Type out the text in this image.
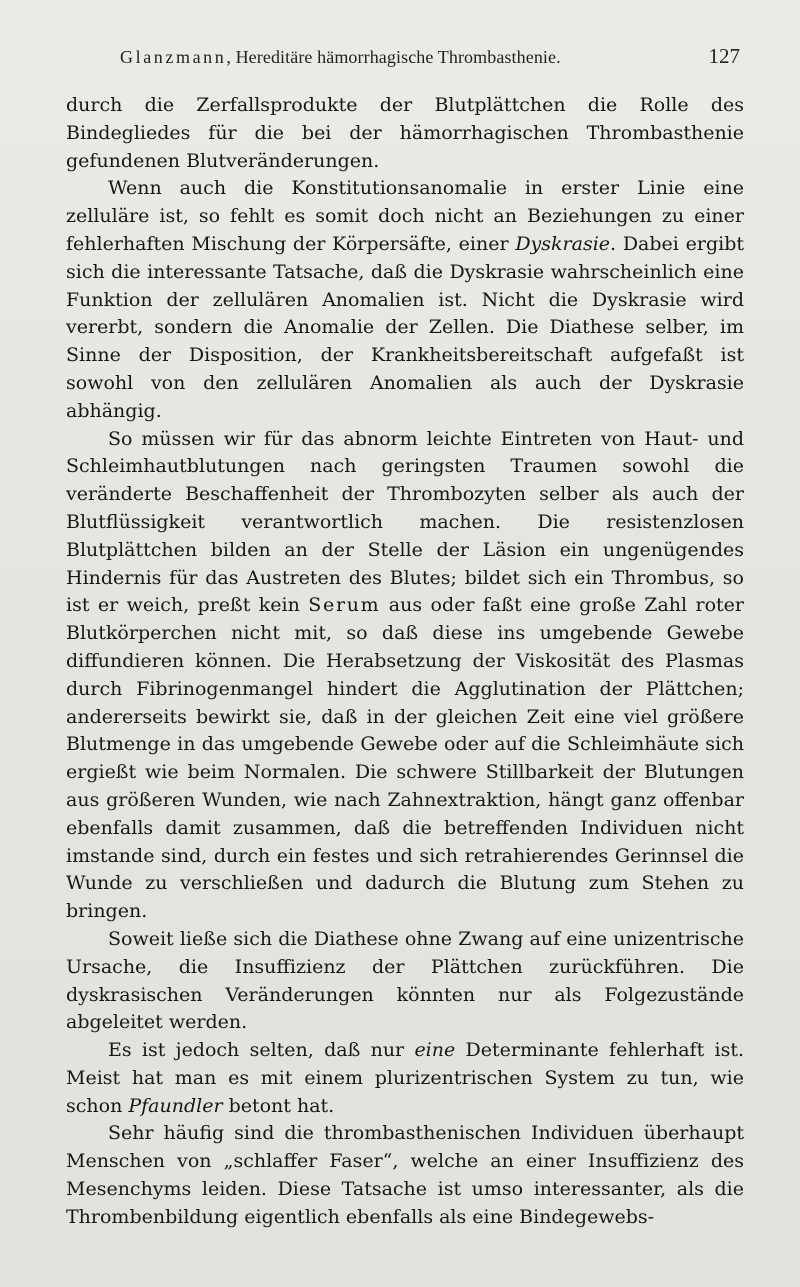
Glanzmann, Hereditäre hämorrhagische Thrombasthenie.	127

durch die Zerfallsprodukte der Blutplättchen die Rolle des Bindegliedes für die bei der hämorrhagischen Thrombasthenie gefundenen Blutveränderungen.

Wenn auch die Konstitutionsanomalie in erster Linie eine zelluläre ist, so fehlt es somit doch nicht an Beziehungen zu einer fehlerhaften Mischung der Körpersäfte, einer Dyskrasie. Dabei ergibt sich die interessante Tatsache, daß die Dyskrasie wahrscheinlich eine Funktion der zellulären Anomalien ist. Nicht die Dyskrasie wird vererbt, sondern die Anomalie der Zellen. Die Diathese selber, im Sinne der Disposition, der Krankheitsbereitschaft aufgefaßt ist sowohl von den zellulären Anomalien als auch der Dyskrasie abhängig.

So müssen wir für das abnorm leichte Eintreten von Haut- und Schleimhautblutungen nach geringsten Traumen sowohl die veränderte Beschaffenheit der Thrombozyten selber als auch der Blutflüssigkeit verantwortlich machen. Die resistenzlosen Blutplättchen bilden an der Stelle der Läsion ein ungenügendes Hindernis für das Austreten des Blutes; bildet sich ein Thrombus, so ist er weich, preßt kein Serum aus oder faßt eine große Zahl roter Blutkörperchen nicht mit, so daß diese ins umgebende Gewebe diffundieren können. Die Herabsetzung der Viskosität des Plasmas durch Fibrinogenmangel hindert die Agglutination der Plättchen; andererseits bewirkt sie, daß in der gleichen Zeit eine viel größere Blutmenge in das umgebende Gewebe oder auf die Schleimhäute sich ergießt wie beim Normalen. Die schwere Stillbarkeit der Blutungen aus größeren Wunden, wie nach Zahnextraktion, hängt ganz offenbar ebenfalls damit zusammen, daß die betreffenden Individuen nicht imstande sind, durch ein festes und sich retrahierendes Gerinnsel die Wunde zu verschließen und dadurch die Blutung zum Stehen zu bringen.

Soweit ließe sich die Diathese ohne Zwang auf eine unizentrische Ursache, die Insuffizienz der Plättchen zurückführen. Die dyskrasischen Veränderungen könnten nur als Folgezustände abgeleitet werden.

Es ist jedoch selten, daß nur eine Determinante fehlerhaft ist. Meist hat man es mit einem plurizentrischen System zu tun, wie schon Pfaundler betont hat.

Sehr häufig sind die thrombasthenischen Individuen überhaupt Menschen von „schlaffer Faser“, welche an einer Insuffizienz des Mesenchyms leiden. Diese Tatsache ist umso interessanter, als die Thrombenbildung eigentlich ebenfalls als eine Bindegewebs-
